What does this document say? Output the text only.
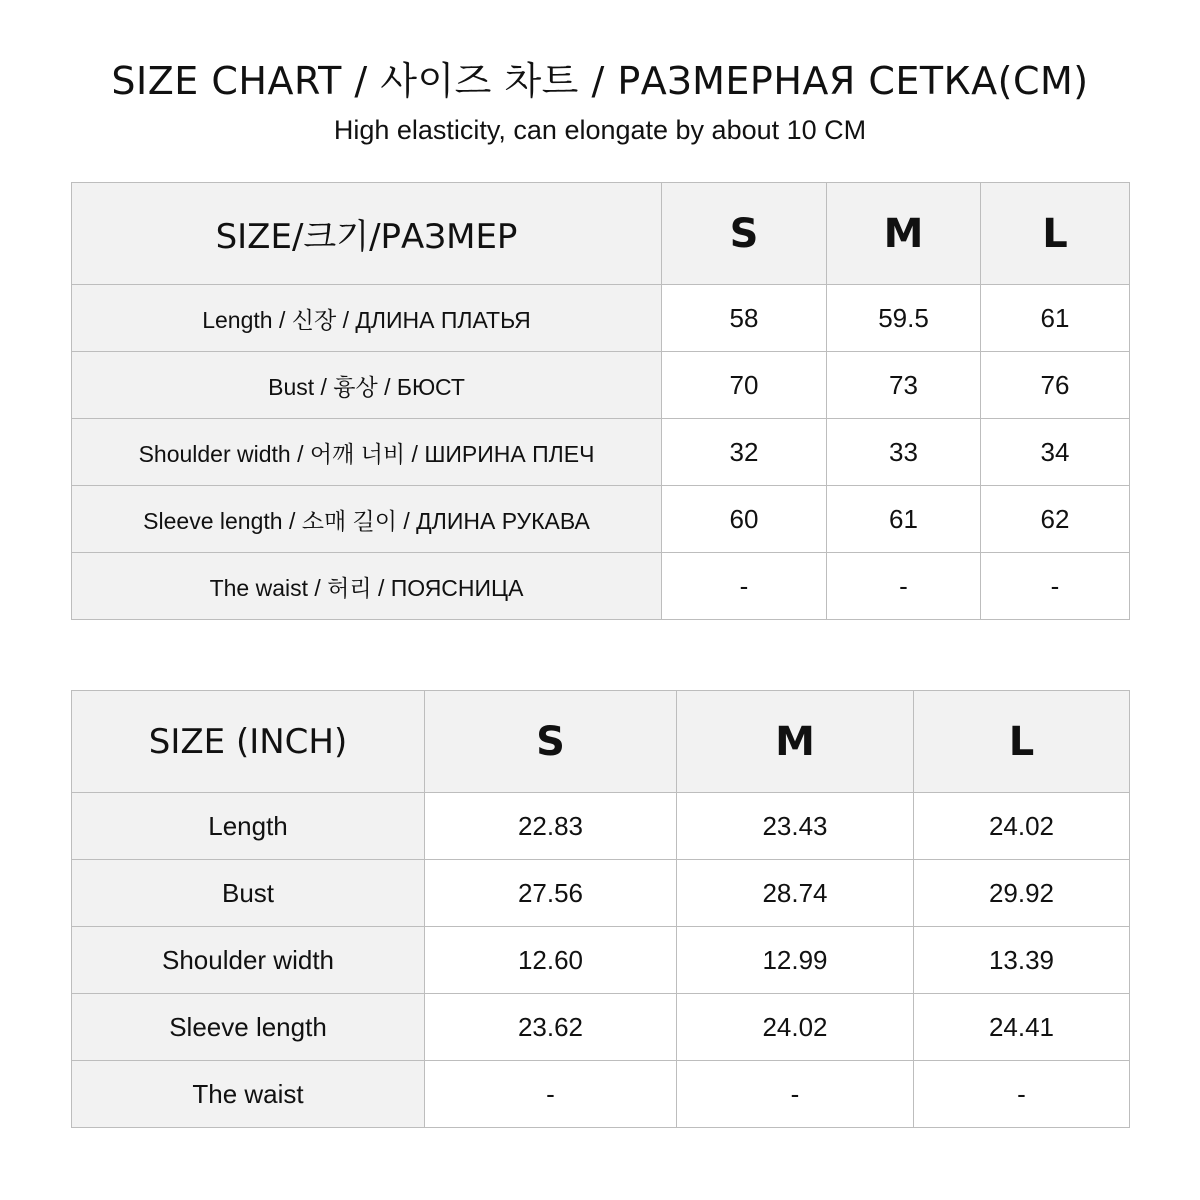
SIZE CHART / 사이즈 차트 / РАЗМЕРНАЯ СЕТКА(CM)
High elasticity, can elongate by about 10 CM
SIZE/크기/РАЗМЕР	S	M	L
Length / 신장 / ДЛИНА ПЛАТЬЯ	58	59.5	61
Bust / 흉상 / БЮСТ	70	73	76
Shoulder width / 어깨 너비 / ШИРИНА ПЛЕЧ	32	33	34
Sleeve length / 소매 길이 / ДЛИНА РУКАВА	60	61	62
The waist / 허리 / ПОЯСНИЦА	-	-	-
SIZE (INCH)	S	M	L
Length	22.83	23.43	24.02
Bust	27.56	28.74	29.92
Shoulder width	12.60	12.99	13.39
Sleeve length	23.62	24.02	24.41
The waist	-	-	-
